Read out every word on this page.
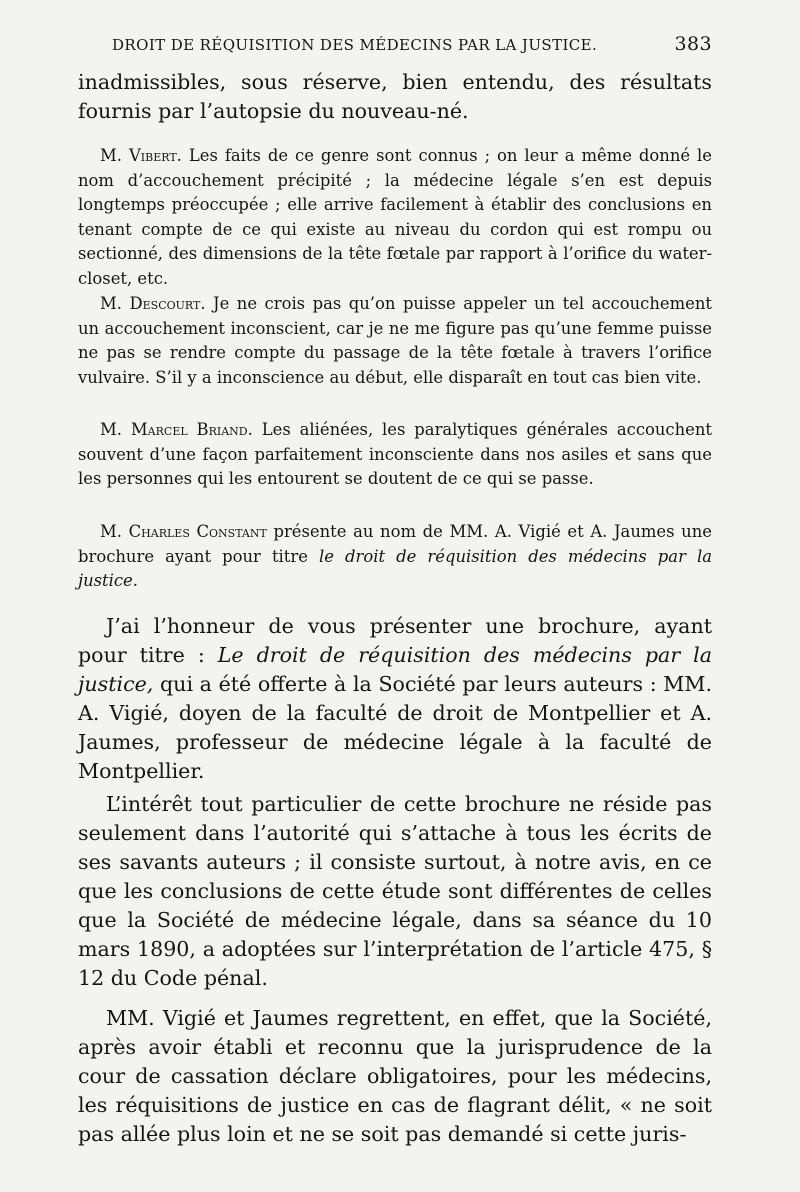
DROIT DE RÉQUISITION DES MÉDECINS PAR LA JUSTICE.	383

inadmissibles, sous réserve, bien entendu, des résultats fournis par l’autopsie du nouveau-né.

M. Vibert. Les faits de ce genre sont connus ; on leur a même donné le nom d’accouchement précipité ; la médecine légale s’en est depuis longtemps préoccupée ; elle arrive facilement à établir des conclusions en tenant compte de ce qui existe au niveau du cordon qui est rompu ou sectionné, des dimensions de la tête fœtale par rapport à l’orifice du water-closet, etc.

M. Descourt. Je ne crois pas qu’on puisse appeler un tel accouchement un accouchement inconscient, car je ne me figure pas qu’une femme puisse ne pas se rendre compte du passage de la tête fœtale à travers l’orifice vulvaire. S’il y a inconscience au début, elle disparaît en tout cas bien vite.

M. Marcel Briand. Les aliénées, les paralytiques générales accouchent souvent d’une façon parfaitement inconsciente dans nos asiles et sans que les personnes qui les entourent se doutent de ce qui se passe.

M. Charles Constant présente au nom de MM. A. Vigié et A. Jaumes une brochure ayant pour titre le droit de réquisition des médecins par la justice.

J’ai l’honneur de vous présenter une brochure, ayant pour titre : Le droit de réquisition des médecins par la justice, qui a été offerte à la Société par leurs auteurs : MM. A. Vigié, doyen de la faculté de droit de Montpellier et A. Jaumes, professeur de médecine légale à la faculté de Montpellier.

L’intérêt tout particulier de cette brochure ne réside pas seulement dans l’autorité qui s’attache à tous les écrits de ses savants auteurs ; il consiste surtout, à notre avis, en ce que les conclusions de cette étude sont différentes de celles que la Société de médecine légale, dans sa séance du 10 mars 1890, a adoptées sur l’interprétation de l’article 475, § 12 du Code pénal.

MM. Vigié et Jaumes regrettent, en effet, que la Société, après avoir établi et reconnu que la jurisprudence de la cour de cassation déclare obligatoires, pour les médecins, les réquisitions de justice en cas de flagrant délit, « ne soit pas allée plus loin et ne se soit pas demandé si cette juris-
